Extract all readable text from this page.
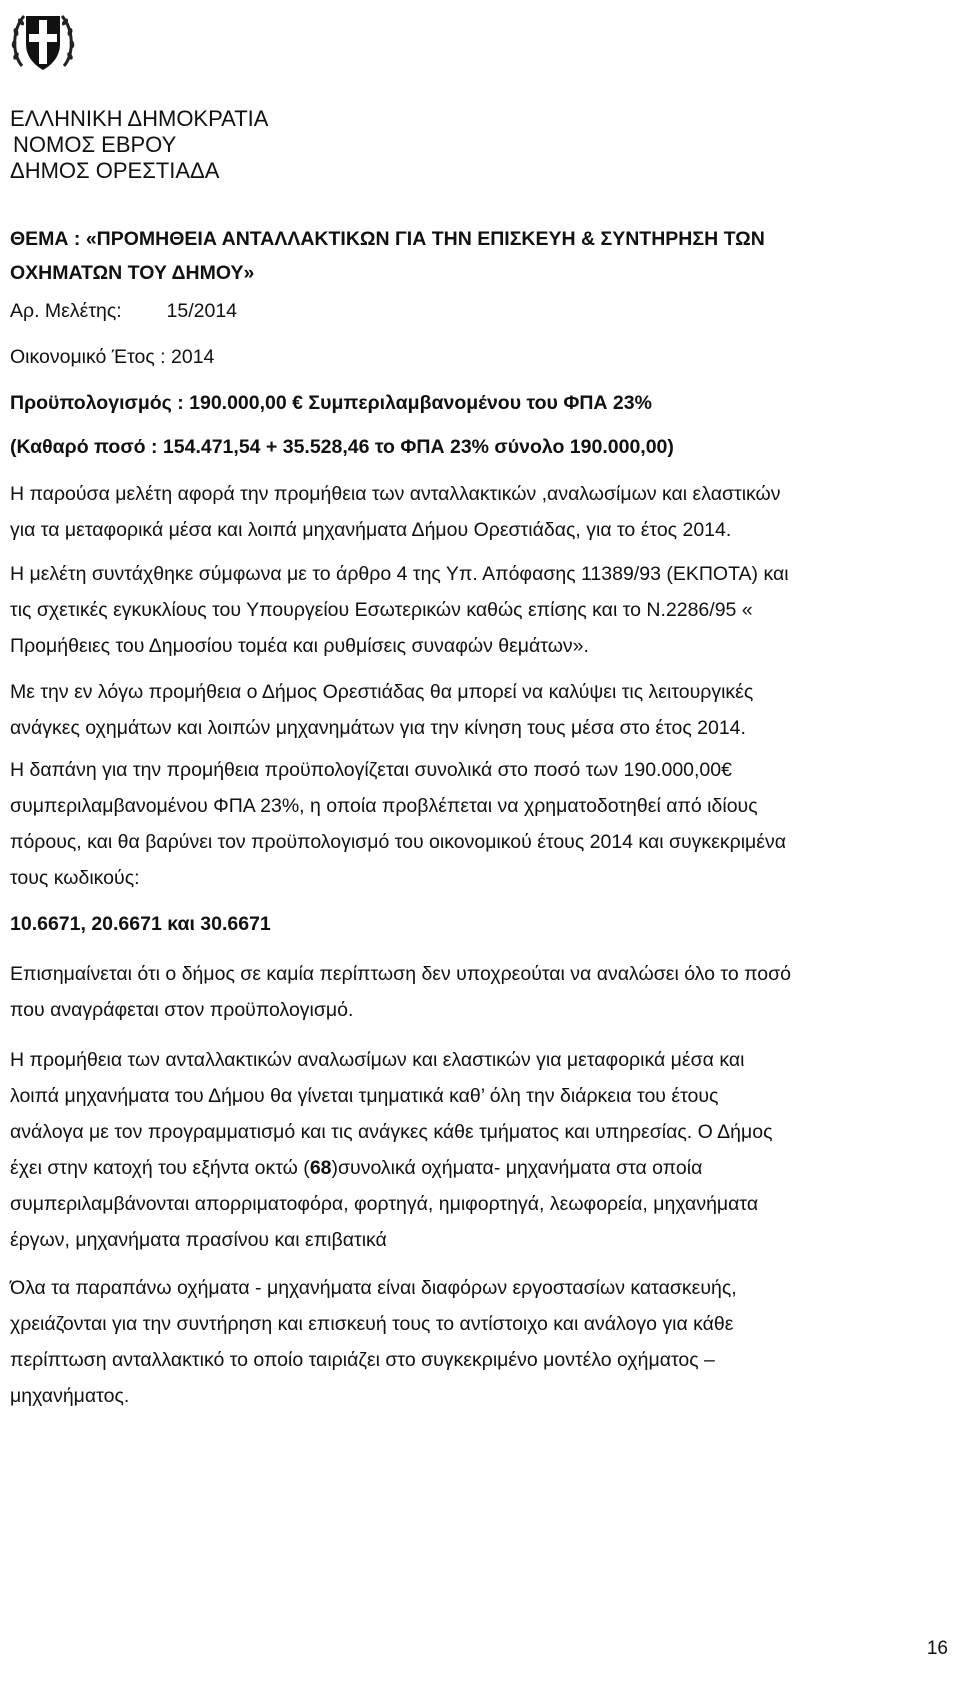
ΕΛΛΗΝΙΚΗ ΔΗΜΟΚΡΑΤΙΑ
ΝΟΜΟΣ ΕΒΡΟΥ
ΔΗΜΟΣ ΟΡΕΣΤΙΑΔΑ
ΘΕΜΑ : «ΠΡΟΜΗΘΕΙΑ ΑΝΤΑΛΛΑΚΤΙΚΩΝ ΓΙΑ ΤΗΝ ΕΠΙΣΚΕΥΗ & ΣΥΝΤΗΡΗΣΗ ΤΩΝ
ΟΧΗΜΑΤΩΝ ΤΟΥ ΔΗΜΟΥ»
Αρ. Μελέτης: 15/2014
Οικονομικό Έτος : 2014
Προϋπολογισμός : 190.000,00 € Συμπεριλαμβανομένου του ΦΠΑ 23%
(Καθαρό ποσό : 154.471,54 + 35.528,46 το ΦΠΑ 23% σύνολο 190.000,00)
Η παρούσα μελέτη αφορά την προμήθεια των ανταλλακτικών ,αναλωσίμων και ελαστικών
για τα μεταφορικά μέσα και λοιπά μηχανήματα Δήμου Ορεστιάδας, για το έτος 2014.
Η μελέτη συντάχθηκε σύμφωνα με το άρθρο 4 της Υπ. Απόφασης 11389/93 (ΕΚΠΟΤΑ) και
τις σχετικές εγκυκλίους του Υπουργείου Εσωτερικών καθώς επίσης και το Ν.2286/95 «
Προμήθειες του Δημοσίου τομέα και ρυθμίσεις συναφών θεμάτων».
Με την εν λόγω προμήθεια ο Δήμος Ορεστιάδας θα μπορεί να καλύψει τις λειτουργικές
ανάγκες οχημάτων και λοιπών μηχανημάτων για την κίνηση τους μέσα στο έτος 2014.
Η δαπάνη για την προμήθεια προϋπολογίζεται συνολικά στο ποσό των 190.000,00€
συμπεριλαμβανομένου ΦΠΑ 23%, η οποία προβλέπεται να χρηματοδοτηθεί από ιδίους
πόρους, και θα βαρύνει τον προϋπολογισμό του οικονομικού έτους 2014 και συγκεκριμένα
τους κωδικούς:
10.6671, 20.6671 και 30.6671
Επισημαίνεται ότι ο δήμος σε καμία περίπτωση δεν υποχρεούται να αναλώσει όλο το ποσό
που αναγράφεται στον προϋπολογισμό.
Η προμήθεια των ανταλλακτικών αναλωσίμων και ελαστικών για μεταφορικά μέσα και
λοιπά μηχανήματα του Δήμου θα γίνεται τμηματικά καθ’ όλη την διάρκεια του έτους
ανάλογα με τον προγραμματισμό και τις ανάγκες κάθε τμήματος και υπηρεσίας. Ο Δήμος
έχει στην κατοχή του εξήντα οκτώ (68)συνολικά οχήματα- μηχανήματα στα οποία
συμπεριλαμβάνονται απορριματοφόρα, φορτηγά, ημιφορτηγά, λεωφορεία, μηχανήματα
έργων, μηχανήματα πρασίνου και επιβατικά
Όλα τα παραπάνω οχήματα - μηχανήματα είναι διαφόρων εργοστασίων κατασκευής,
χρειάζονται για την συντήρηση και επισκευή τους το αντίστοιχο και ανάλογο για κάθε
περίπτωση ανταλλακτικό το οποίο ταιριάζει στο συγκεκριμένο μοντέλο οχήματος –
μηχανήματος.
16
